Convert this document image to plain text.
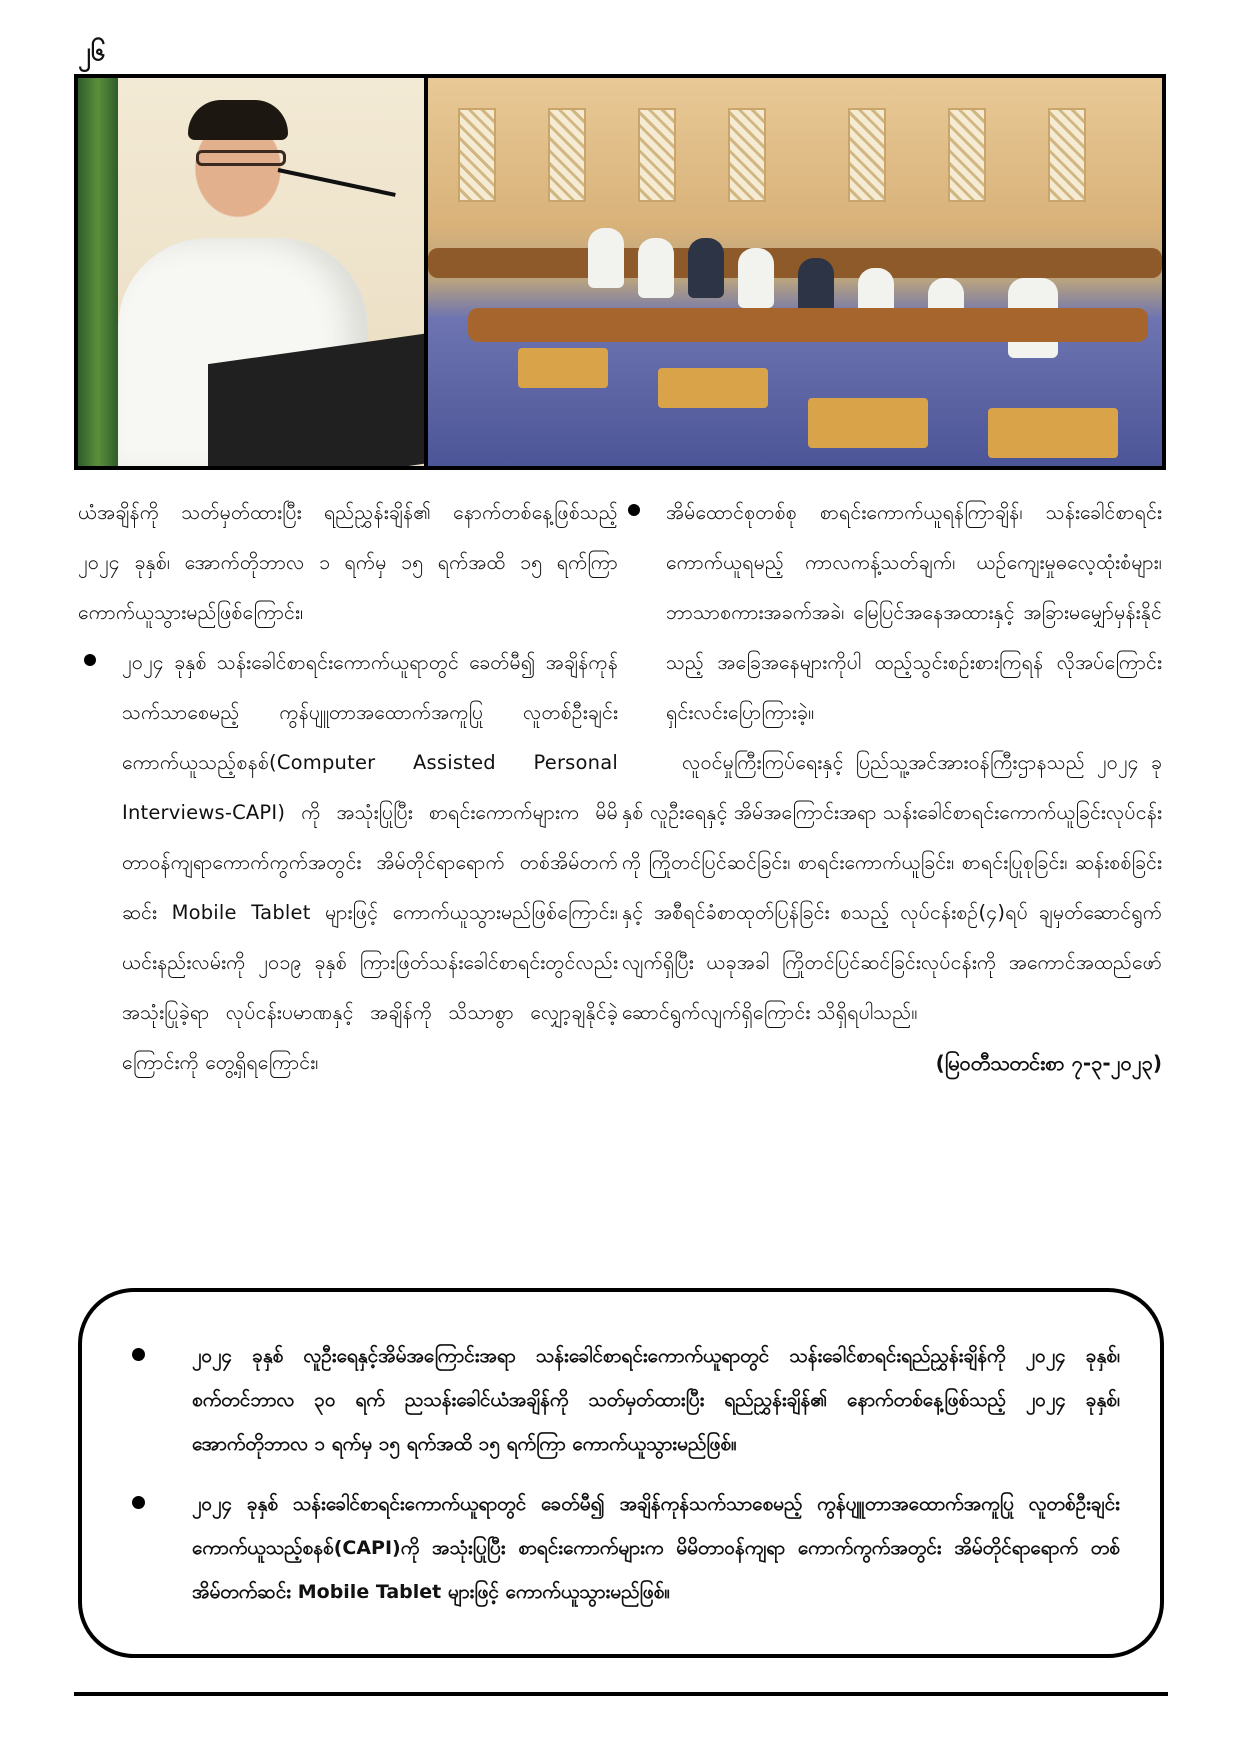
၂၆

ယံအချိန်ကို သတ်မှတ်ထားပြီး ရည်ညွှန်းချိန်၏ နောက်တစ်နေ့ဖြစ်သည့် ၂၀၂၄ ခုနှစ်၊ အောက်တိုဘာလ ၁ ရက်မှ ၁၅ ရက်အထိ ၁၅ ရက်ကြာ ကောက်ယူသွားမည်ဖြစ်ကြောင်း၊

၂၀၂၄ ခုနှစ် သန်းခေါင်စာရင်းကောက်ယူရာတွင် ခေတ်မီ၍ အချိန်ကုန်သက်သာစေမည့် ကွန်ပျူတာအထောက်အကူပြု လူတစ်ဦးချင်းကောက်ယူသည့်စနစ်(Computer Assisted Personal Interviews-CAPI) ကို အသုံးပြုပြီး စာရင်းကောက်များက မိမိတာဝန်ကျရာကောက်ကွက်အတွင်း အိမ်တိုင်ရာရောက် တစ်အိမ်တက်ဆင်း Mobile Tablet များဖြင့် ကောက်ယူသွားမည်ဖြစ်ကြောင်း၊ ယင်းနည်းလမ်းကို ၂၀၁၉ ခုနှစ် ကြားဖြတ်သန်းခေါင်စာရင်းတွင်လည်း အသုံးပြုခဲ့ရာ လုပ်ငန်းပမာဏနှင့် အချိန်ကို သိသာစွာ လျှော့ချနိုင်ခဲ့ကြောင်းကို တွေ့ရှိရကြောင်း၊
အိမ်ထောင်စုတစ်စု စာရင်းကောက်ယူရန်ကြာချိန်၊ သန်းခေါင်စာရင်းကောက်ယူရမည့် ကာလကန့်သတ်ချက်၊ ယဉ်ကျေးမှုဓလေ့ထုံးစံများ၊ ဘာသာစကားအခက်အခဲ၊ မြေပြင်အနေအထားနှင့် အခြားမမျှော်မှန်းနိုင်သည့် အခြေအနေများကိုပါ ထည့်သွင်းစဉ်းစားကြရန် လိုအပ်ကြောင်း ရှင်းလင်းပြောကြားခဲ့။

လူဝင်မှုကြီးကြပ်ရေးနှင့် ပြည်သူ့အင်အားဝန်ကြီးဌာနသည် ၂၀၂၄ ခုနှစ် လူဦးရေနှင့် အိမ်အကြောင်းအရာ သန်းခေါင်စာရင်းကောက်ယူခြင်းလုပ်ငန်းကို ကြိုတင်ပြင်ဆင်ခြင်း၊ စာရင်းကောက်ယူခြင်း၊ စာရင်းပြုစုခြင်း၊ ဆန်းစစ်ခြင်းနှင့် အစီရင်ခံစာထုတ်ပြန်ခြင်း စသည့် လုပ်ငန်းစဉ်(၄)ရပ် ချမှတ်ဆောင်ရွက်လျက်ရှိပြီး ယခုအခါ ကြိုတင်ပြင်ဆင်ခြင်းလုပ်ငန်းကို အကောင်အထည်ဖော် ဆောင်ရွက်လျက်ရှိကြောင်း သိရှိရပါသည်။

(မြဝတီသတင်းစာ ၇-၃-၂၀၂၃)

၂၀၂၄ ခုနှစ် လူဦးရေနှင့်အိမ်အကြောင်းအရာ သန်းခေါင်စာရင်းကောက်ယူရာတွင် သန်းခေါင်စာရင်းရည်ညွှန်းချိန်ကို ၂၀၂၄ ခုနှစ်၊ စက်တင်ဘာလ ၃၀ ရက် ညသန်းခေါင်ယံအချိန်ကို သတ်မှတ်ထားပြီး ရည်ညွှန်းချိန်၏ နောက်တစ်နေ့ဖြစ်သည့် ၂၀၂၄ ခုနှစ်၊ အောက်တိုဘာလ ၁ ရက်မှ ၁၅ ရက်အထိ ၁၅ ရက်ကြာ ကောက်ယူသွားမည်ဖြစ်။
၂၀၂၄ ခုနှစ် သန်းခေါင်စာရင်းကောက်ယူရာတွင် ခေတ်မီ၍ အချိန်ကုန်သက်သာစေမည့် ကွန်ပျူတာအထောက်အကူပြု လူတစ်ဦးချင်းကောက်ယူသည့်စနစ်(CAPI)ကို အသုံးပြုပြီး စာရင်းကောက်များက မိမိတာဝန်ကျရာ ကောက်ကွက်အတွင်း အိမ်တိုင်ရာရောက် တစ်အိမ်တက်ဆင်း Mobile Tablet များဖြင့် ကောက်ယူသွားမည်ဖြစ်။
